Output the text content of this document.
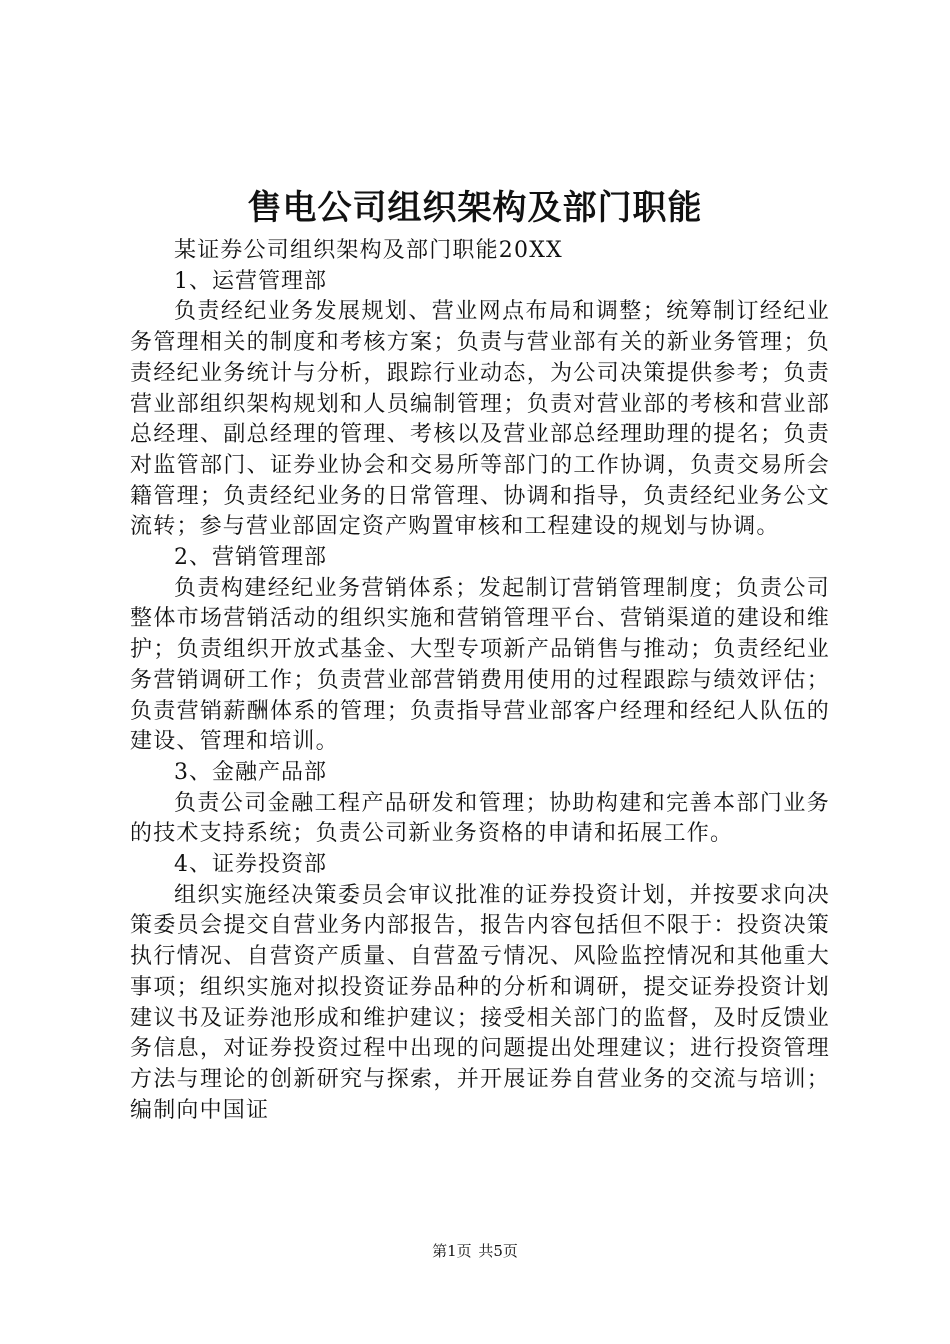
售电公司组织架构及部门职能

某证券公司组织架构及部门职能20XX

1、运营管理部

负责经纪业务发展规划、营业网点布局和调整；统筹制订经纪业务管理相关的制度和考核方案；负责与营业部有关的新业务管理；负责经纪业务统计与分析，跟踪行业动态，为公司决策提供参考；负责营业部组织架构规划和人员编制管理；负责对营业部的考核和营业部总经理、副总经理的管理、考核以及营业部总经理助理的提名；负责对监管部门、证券业协会和交易所等部门的工作协调，负责交易所会籍管理；负责经纪业务的日常管理、协调和指导，负责经纪业务公文流转；参与营业部固定资产购置审核和工程建设的规划与协调。

2、营销管理部

负责构建经纪业务营销体系；发起制订营销管理制度；负责公司整体市场营销活动的组织实施和营销管理平台、营销渠道的建设和维护；负责组织开放式基金、大型专项新产品销售与推动；负责经纪业务营销调研工作；负责营业部营销费用使用的过程跟踪与绩效评估；负责营销薪酬体系的管理；负责指导营业部客户经理和经纪人队伍的建设、管理和培训。

3、金融产品部

负责公司金融工程产品研发和管理；协助构建和完善本部门业务的技术支持系统；负责公司新业务资格的申请和拓展工作。

4、证券投资部

组织实施经决策委员会审议批准的证券投资计划，并按要求向决策委员会提交自营业务内部报告，报告内容包括但不限于：投资决策执行情况、自营资产质量、自营盈亏情况、风险监控情况和其他重大事项；组织实施对拟投资证券品种的分析和调研，提交证券投资计划建议书及证券池形成和维护建议；接受相关部门的监督，及时反馈业务信息，对证券投资过程中出现的问题提出处理建议；进行投资管理方法与理论的创新研究与探索，并开展证券自营业务的交流与培训；编制向中国证

第1页 共5页
